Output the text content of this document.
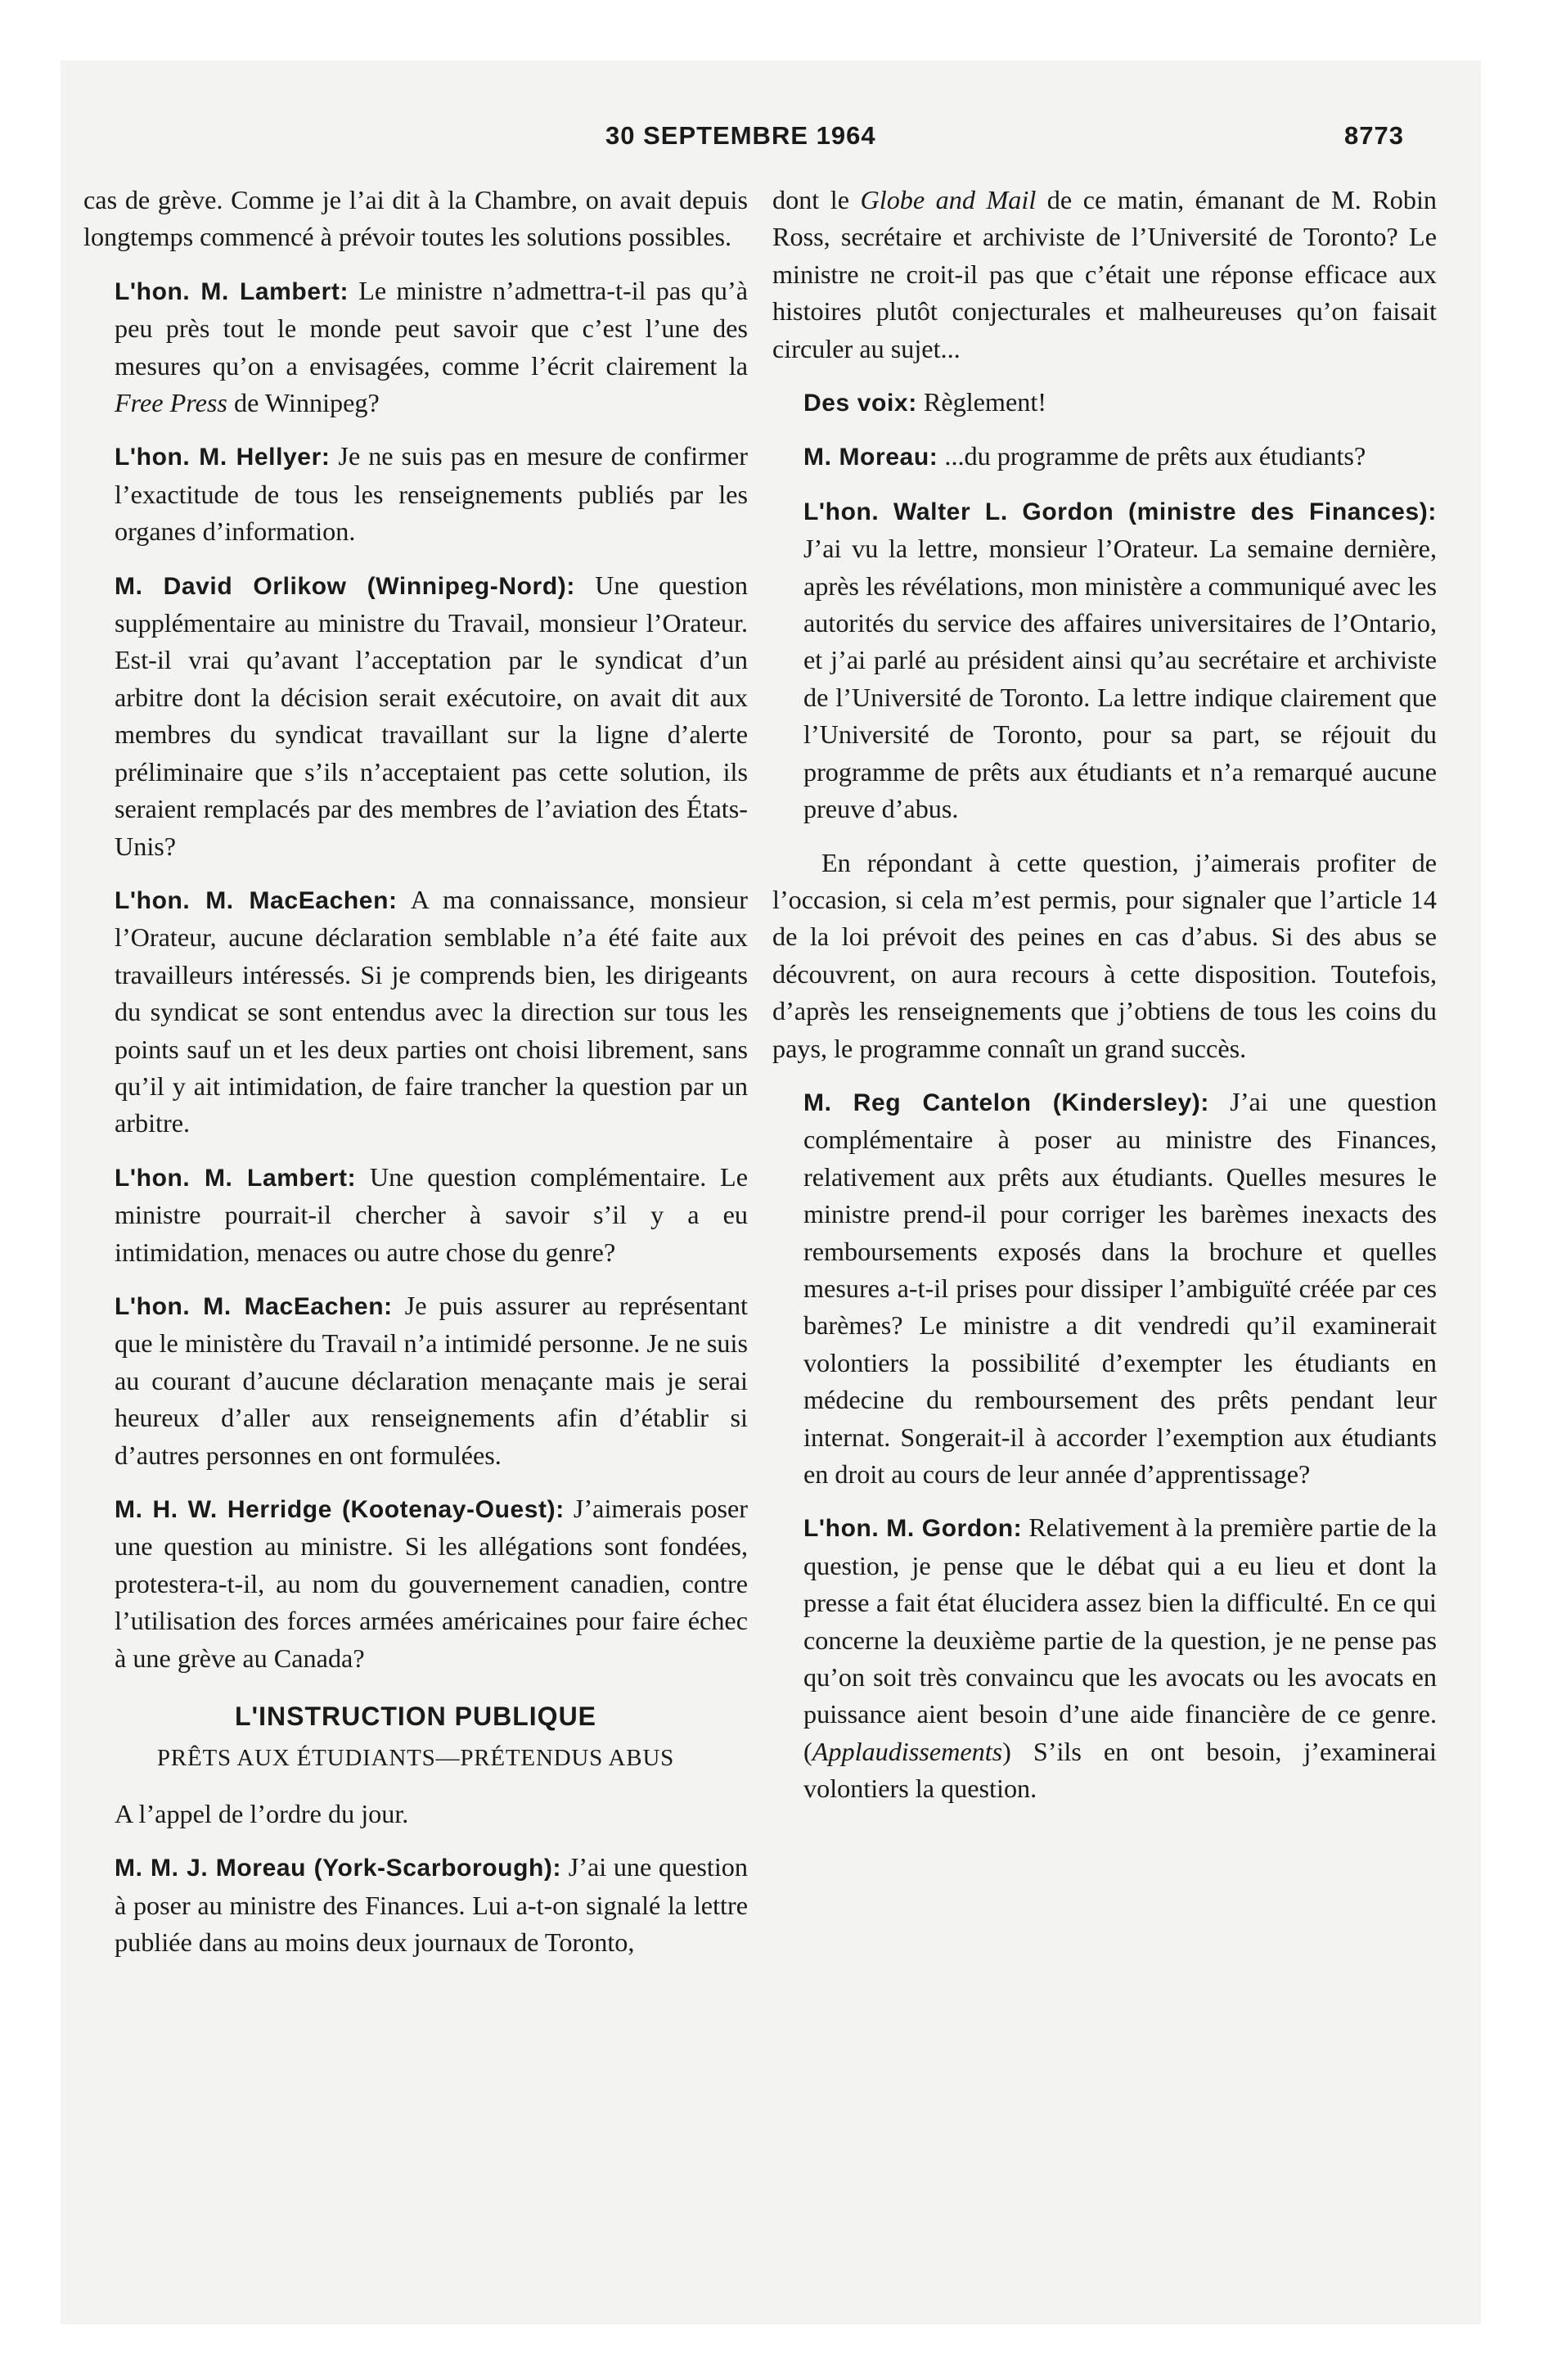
30 SEPTEMBRE 1964	8773

cas de grève. Comme je l’ai dit à la Chambre, on avait depuis longtemps commencé à prévoir toutes les solutions possibles.

L'hon. M. Lambert: Le ministre n’admettra-t-il pas qu’à peu près tout le monde peut savoir que c’est l’une des mesures qu’on a envisagées, comme l’écrit clairement la Free Press de Winnipeg?

L'hon. M. Hellyer: Je ne suis pas en mesure de confirmer l’exactitude de tous les renseignements publiés par les organes d’information.

M. David Orlikow (Winnipeg-Nord): Une question supplémentaire au ministre du Travail, monsieur l’Orateur. Est-il vrai qu’avant l’acceptation par le syndicat d’un arbitre dont la décision serait exécutoire, on avait dit aux membres du syndicat travaillant sur la ligne d’alerte préliminaire que s’ils n’acceptaient pas cette solution, ils seraient remplacés par des membres de l’aviation des États-Unis?

L'hon. M. MacEachen: A ma connaissance, monsieur l’Orateur, aucune déclaration semblable n’a été faite aux travailleurs intéressés. Si je comprends bien, les dirigeants du syndicat se sont entendus avec la direction sur tous les points sauf un et les deux parties ont choisi librement, sans qu’il y ait intimidation, de faire trancher la question par un arbitre.

L'hon. M. Lambert: Une question complémentaire. Le ministre pourrait-il chercher à savoir s’il y a eu intimidation, menaces ou autre chose du genre?

L'hon. M. MacEachen: Je puis assurer au représentant que le ministère du Travail n’a intimidé personne. Je ne suis au courant d’aucune déclaration menaçante mais je serai heureux d’aller aux renseignements afin d’établir si d’autres personnes en ont formulées.

M. H. W. Herridge (Kootenay-Ouest): J’aimerais poser une question au ministre. Si les allégations sont fondées, protestera-t-il, au nom du gouvernement canadien, contre l’utilisation des forces armées américaines pour faire échec à une grève au Canada?

L'INSTRUCTION PUBLIQUE
PRÊTS AUX ÉTUDIANTS—PRÉTENDUS ABUS

A l’appel de l’ordre du jour.

M. M. J. Moreau (York-Scarborough): J’ai une question à poser au ministre des Finances. Lui a-t-on signalé la lettre publiée dans au moins deux journaux de Toronto,

dont le Globe and Mail de ce matin, émanant de M. Robin Ross, secrétaire et archiviste de l’Université de Toronto? Le ministre ne croit-il pas que c’était une réponse efficace aux histoires plutôt conjecturales et malheureuses qu’on faisait circuler au sujet...

Des voix: Règlement!

M. Moreau: ...du programme de prêts aux étudiants?

L'hon. Walter L. Gordon (ministre des Finances): J’ai vu la lettre, monsieur l’Orateur. La semaine dernière, après les révélations, mon ministère a communiqué avec les autorités du service des affaires universitaires de l’Ontario, et j’ai parlé au président ainsi qu’au secrétaire et archiviste de l’Université de Toronto. La lettre indique clairement que l’Université de Toronto, pour sa part, se réjouit du programme de prêts aux étudiants et n’a remarqué aucune preuve d’abus.

En répondant à cette question, j’aimerais profiter de l’occasion, si cela m’est permis, pour signaler que l’article 14 de la loi prévoit des peines en cas d’abus. Si des abus se découvrent, on aura recours à cette disposition. Toutefois, d’après les renseignements que j’obtiens de tous les coins du pays, le programme connaît un grand succès.

M. Reg Cantelon (Kindersley): J’ai une question complémentaire à poser au ministre des Finances, relativement aux prêts aux étudiants. Quelles mesures le ministre prend-il pour corriger les barèmes inexacts des remboursements exposés dans la brochure et quelles mesures a-t-il prises pour dissiper l’ambiguïté créée par ces barèmes? Le ministre a dit vendredi qu’il examinerait volontiers la possibilité d’exempter les étudiants en médecine du remboursement des prêts pendant leur internat. Songerait-il à accorder l’exemption aux étudiants en droit au cours de leur année d’apprentissage?

L'hon. M. Gordon: Relativement à la première partie de la question, je pense que le débat qui a eu lieu et dont la presse a fait état élucidera assez bien la difficulté. En ce qui concerne la deuxième partie de la question, je ne pense pas qu’on soit très convaincu que les avocats ou les avocats en puissance aient besoin d’une aide financière de ce genre. (Applaudissements) S’ils en ont besoin, j’examinerai volontiers la question.
